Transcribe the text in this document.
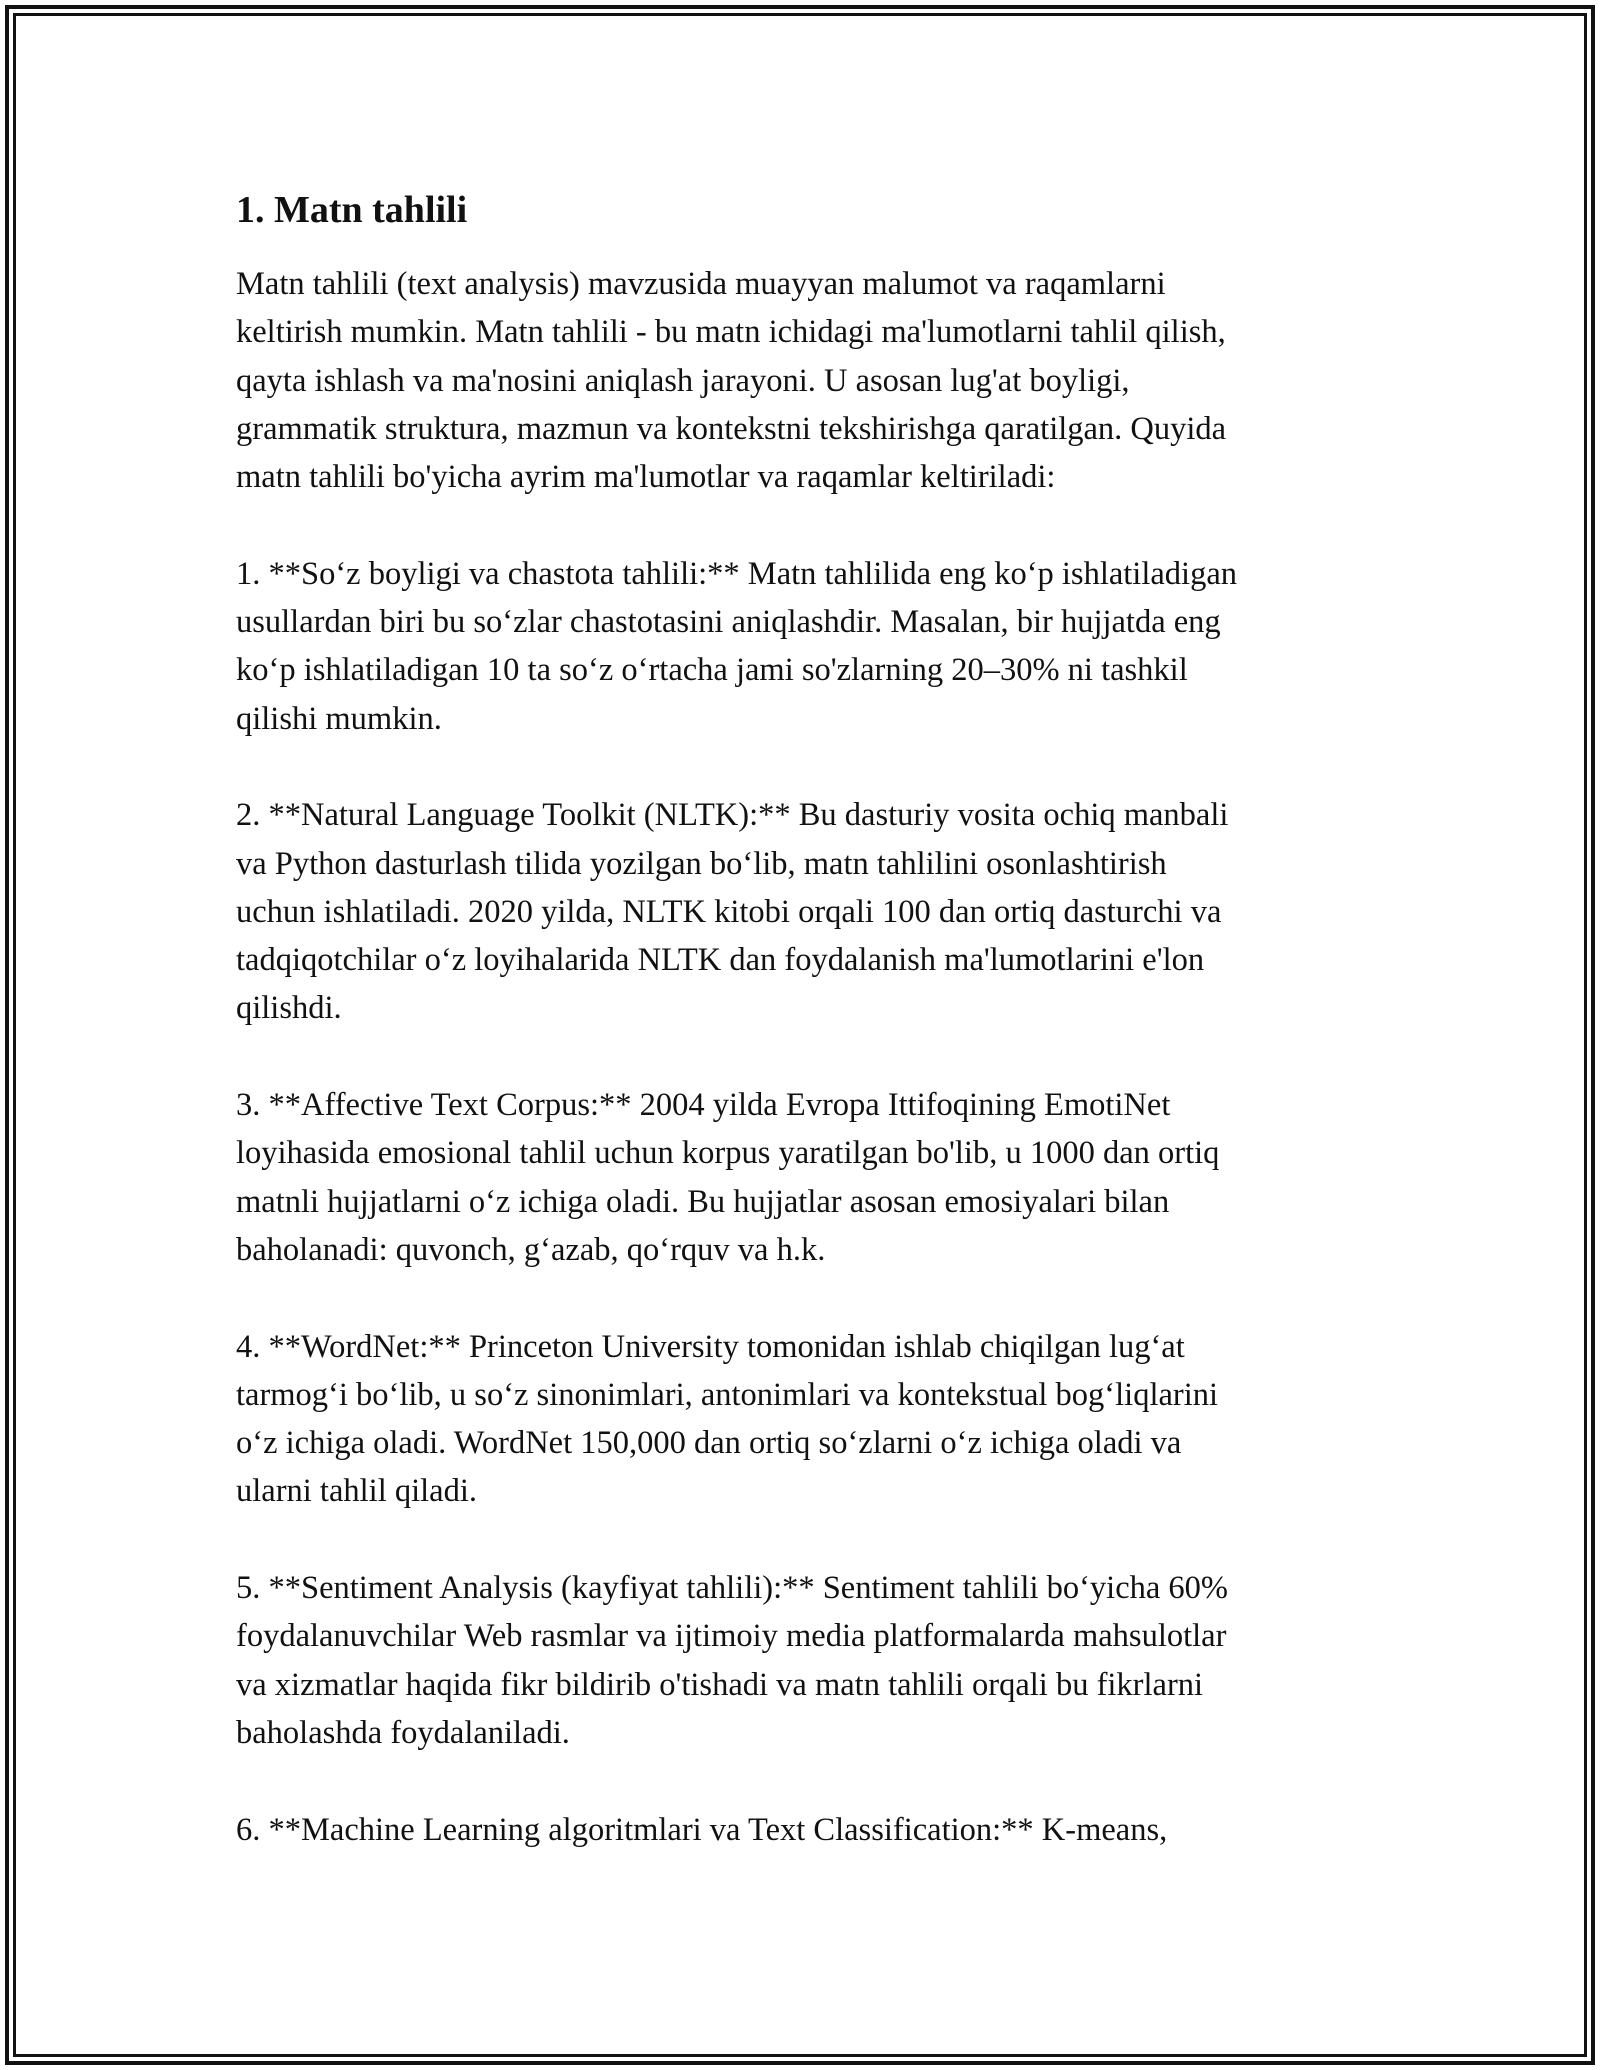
1. Matn tahlili

Matn tahlili (text analysis) mavzusida muayyan malumot va raqamlarni
keltirish mumkin. Matn tahlili - bu matn ichidagi ma'lumotlarni tahlil qilish,
qayta ishlash va ma'nosini aniqlash jarayoni. U asosan lug'at boyligi,
grammatik struktura, mazmun va kontekstni tekshirishga qaratilgan. Quyida
matn tahlili bo'yicha ayrim ma'lumotlar va raqamlar keltiriladi:

1. **So‘z boyligi va chastota tahlili:** Matn tahlilida eng ko‘p ishlatiladigan
usullardan biri bu so‘zlar chastotasini aniqlashdir. Masalan, bir hujjatda eng
ko‘p ishlatiladigan 10 ta so‘z o‘rtacha jami so'zlarning 20–30% ni tashkil
qilishi mumkin.

2. **Natural Language Toolkit (NLTK):** Bu dasturiy vosita ochiq manbali
va Python dasturlash tilida yozilgan bo‘lib, matn tahlilini osonlashtirish
uchun ishlatiladi. 2020 yilda, NLTK kitobi orqali 100 dan ortiq dasturchi va
tadqiqotchilar o‘z loyihalarida NLTK dan foydalanish ma'lumotlarini e'lon
qilishdi.

3. **Affective Text Corpus:** 2004 yilda Evropa Ittifoqining EmotiNet
loyihasida emosional tahlil uchun korpus yaratilgan bo'lib, u 1000 dan ortiq
matnli hujjatlarni o‘z ichiga oladi. Bu hujjatlar asosan emosiyalari bilan
baholanadi: quvonch, g‘azab, qo‘rquv va h.k.

4. **WordNet:** Princeton University tomonidan ishlab chiqilgan lug‘at
tarmog‘i bo‘lib, u so‘z sinonimlari, antonimlari va kontekstual bog‘liqlarini
o‘z ichiga oladi. WordNet 150,000 dan ortiq so‘zlarni o‘z ichiga oladi va
ularni tahlil qiladi.

5. **Sentiment Analysis (kayfiyat tahlili):** Sentiment tahlili bo‘yicha 60%
foydalanuvchilar Web rasmlar va ijtimoiy media platformalarda mahsulotlar
va xizmatlar haqida fikr bildirib o'tishadi va matn tahlili orqali bu fikrlarni
baholashda foydalaniladi.

6. **Machine Learning algoritmlari va Text Classification:** K-means,
